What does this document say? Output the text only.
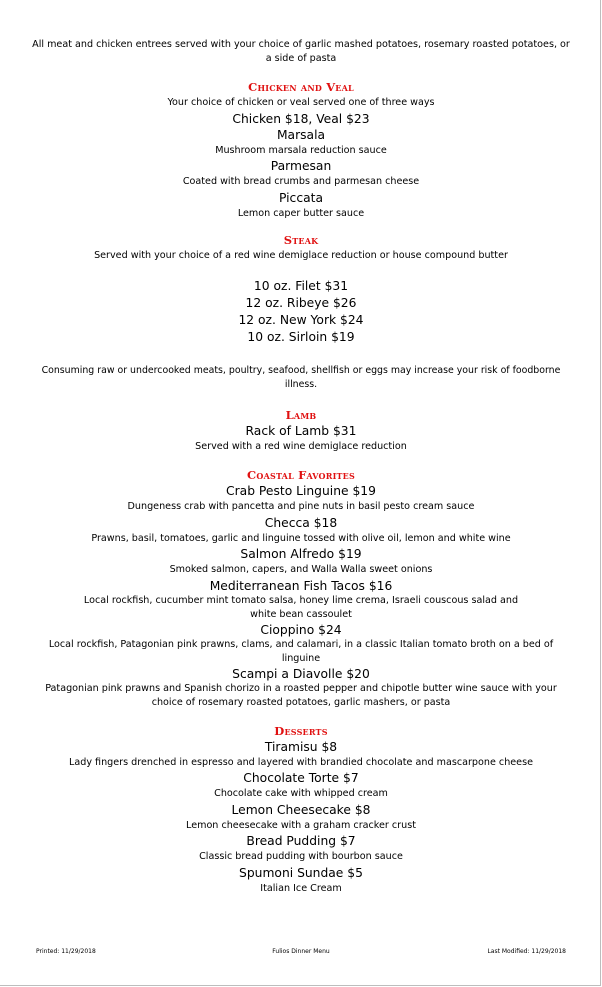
All meat and chicken entrees served with your choice of garlic mashed potatoes, rosemary roasted potatoes, or a side of pasta
Chicken and Veal
Your choice of chicken or veal served one of three ways
Chicken $18, Veal $23
Marsala
Mushroom marsala reduction sauce
Parmesan
Coated with bread crumbs and parmesan cheese
Piccata
Lemon caper butter sauce
Steak
Served with your choice of a red wine demiglace reduction or house compound butter
10 oz. Filet $31
12 oz. Ribeye $26
12 oz. New York $24
10 oz. Sirloin $19
Consuming raw or undercooked meats, poultry, seafood, shellfish or eggs may increase your risk of foodborne illness.
Lamb
Rack of Lamb $31
Served with a red wine demiglace reduction
Coastal Favorites
Crab Pesto Linguine $19
Dungeness crab with pancetta and pine nuts in basil pesto cream sauce
Checca $18
Prawns, basil, tomatoes, garlic and linguine tossed with olive oil, lemon and white wine
Salmon Alfredo $19
Smoked salmon, capers, and Walla Walla sweet onions
Mediterranean Fish Tacos $16
Local rockfish, cucumber mint tomato salsa, honey lime crema, Israeli couscous salad and white bean cassoulet
Cioppino $24
Local rockfish, Patagonian pink prawns, clams, and calamari, in a classic Italian tomato broth on a bed of linguine
Scampi a Diavolle $20
Patagonian pink prawns and Spanish chorizo in a roasted pepper and chipotle butter wine sauce with your choice of rosemary roasted potatoes, garlic mashers, or pasta
Desserts
Tiramisu $8
Lady fingers drenched in espresso and layered with brandied chocolate and mascarpone cheese
Chocolate Torte $7
Chocolate cake with whipped cream
Lemon Cheesecake $8
Lemon cheesecake with a graham cracker crust
Bread Pudding $7
Classic bread pudding with bourbon sauce
Spumoni Sundae $5
Italian Ice Cream
Printed: 11/29/2018	Fulios Dinner Menu	Last Modified: 11/29/2018
